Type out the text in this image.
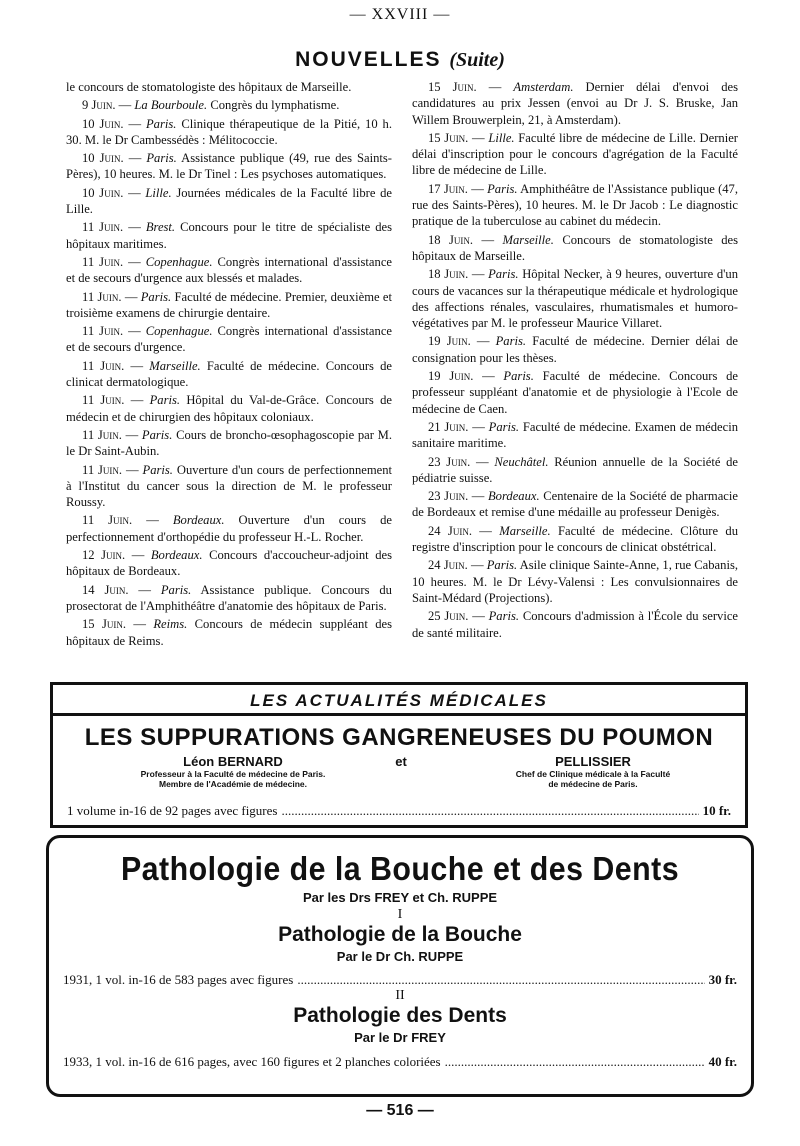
— XXVIII —
NOUVELLES (Suite)

le concours de stomatologiste des hôpitaux de Marseille.

9 Juin. — La Bourboule. Congrès du lymphatisme.

10 Juin. — Paris. Clinique thérapeutique de la Pitié, 10 h. 30. M. le Dr Cambessédès : Mélitococcie.

10 Juin. — Paris. Assistance publique (49, rue des Saints-Pères), 10 heures. M. le Dr Tinel : Les psychoses automatiques.

10 Juin. — Lille. Journées médicales de la Faculté libre de Lille.

11 Juin. — Brest. Concours pour le titre de spécialiste des hôpitaux maritimes.

11 Juin. — Copenhague. Congrès international d'assistance et de secours d'urgence aux blessés et malades.

11 Juin. — Paris. Faculté de médecine. Premier, deuxième et troisième examens de chirurgie dentaire.

11 Juin. — Copenhague. Congrès international d'assistance et de secours d'urgence.

11 Juin. — Marseille. Faculté de médecine. Concours de clinicat dermatologique.

11 Juin. — Paris. Hôpital du Val-de-Grâce. Concours de médecin et de chirurgien des hôpitaux coloniaux.

11 Juin. — Paris. Cours de broncho-œsophagoscopie par M. le Dr Saint-Aubin.

11 Juin. — Paris. Ouverture d'un cours de perfectionnement à l'Institut du cancer sous la direction de M. le professeur Roussy.

11 Juin. — Bordeaux. Ouverture d'un cours de perfectionnement d'orthopédie du professeur H.-L. Rocher.

12 Juin. — Bordeaux. Concours d'accoucheur-adjoint des hôpitaux de Bordeaux.

14 Juin. — Paris. Assistance publique. Concours du prosectorat de l'Amphithéâtre d'anatomie des hôpitaux de Paris.

15 Juin. — Reims. Concours de médecin suppléant des hôpitaux de Reims.

15 Juin. — Amsterdam. Dernier délai d'envoi des candidatures au prix Jessen (envoi au Dr J. S. Bruske, Jan Willem Brouwerplein, 21, à Amsterdam).

15 Juin. — Lille. Faculté libre de médecine de Lille. Dernier délai d'inscription pour le concours d'agrégation de la Faculté libre de médecine de Lille.

17 Juin. — Paris. Amphithéâtre de l'Assistance publique (47, rue des Saints-Pères), 10 heures. M. le Dr Jacob : Le diagnostic pratique de la tuberculose au cabinet du médecin.

18 Juin. — Marseille. Concours de stomatologiste des hôpitaux de Marseille.

18 Juin. — Paris. Hôpital Necker, à 9 heures, ouverture d'un cours de vacances sur la thérapeutique médicale et hydrologique des affections rénales, vasculaires, rhumatismales et humoro-végétatives par M. le professeur Maurice Villaret.

19 Juin. — Paris. Faculté de médecine. Dernier délai de consignation pour les thèses.

19 Juin. — Paris. Faculté de médecine. Concours de professeur suppléant d'anatomie et de physiologie à l'Ecole de médecine de Caen.

21 Juin. — Paris. Faculté de médecine. Examen de médecin sanitaire maritime.

23 Juin. — Neuchâtel. Réunion annuelle de la Société de pédiatrie suisse.

23 Juin. — Bordeaux. Centenaire de la Société de pharmacie de Bordeaux et remise d'une médaille au professeur Denigès.

24 Juin. — Marseille. Faculté de médecine. Clôture du registre d'inscription pour le concours de clinicat obstétrical.

24 Juin. — Paris. Asile clinique Sainte-Anne, 1, rue Cabanis, 10 heures. M. le Dr Lévy-Valensi : Les convulsionnaires de Saint-Médard (Projections).

25 Juin. — Paris. Concours d'admission à l'École du service de santé militaire.

LES ACTUALITÉS MÉDICALES
LES SUPPURATIONS GANGRENEUSES DU POUMON
Léon BERNARD
Professeur à la Faculté de médecine de Paris.
Membre de l'Académie de médecine.
et	PELLISSIER
Chef de Clinique médicale à la Faculté
de médecine de Paris.
1 volume in-16 de 92 pages avec figures .....	10 fr.
Pathologie de la Bouche et des Dents
Par les Drs FREY et Ch. RUPPE
I
Pathologie de la Bouche
Par le Dr Ch. RUPPE
1931, 1 vol. in-16 de 583 pages avec figures .....	30 fr.
II
Pathologie des Dents
Par le Dr FREY
1933, 1 vol. in-16 de 616 pages, avec 160 figures et 2 planches coloriées .....	40 fr.
— 516 —
